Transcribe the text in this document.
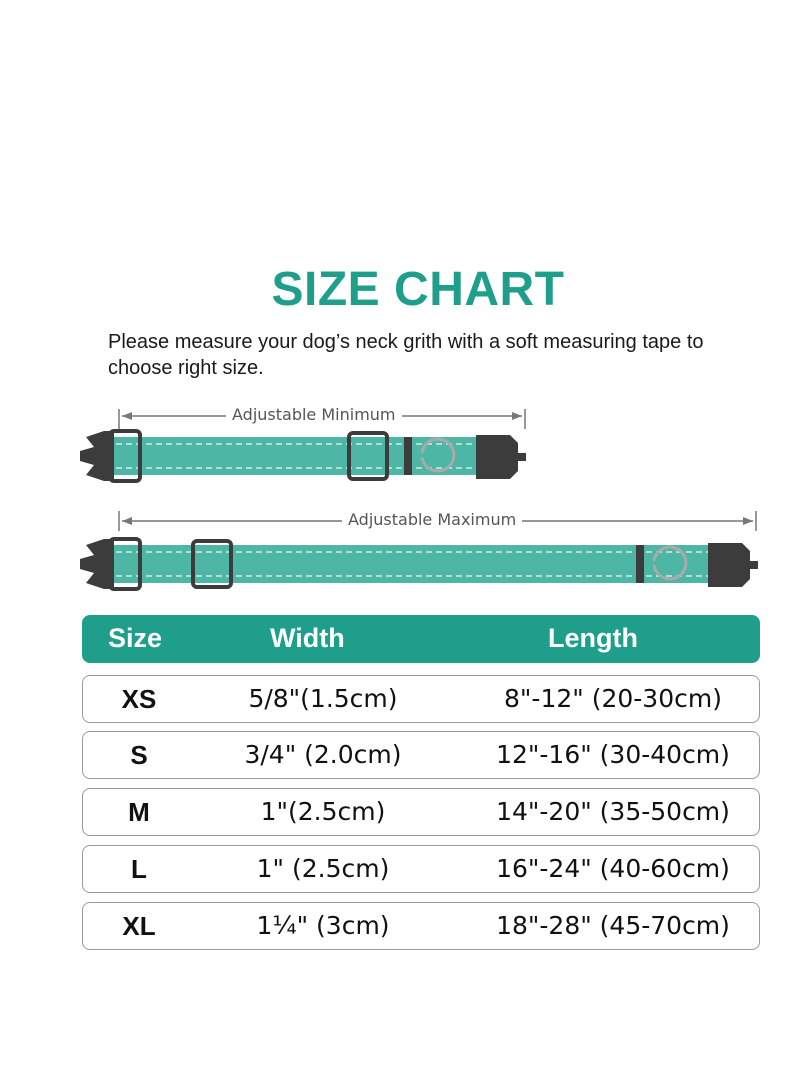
SIZE CHART
Please measure your dog’s neck grith with a soft measuring tape to choose right size.
Adjustable Minimum
Adjustable Maximum
Size	Width	Length
XS	5/8"(1.5cm)	8"-12" (20-30cm)
S	3/4" (2.0cm)	12"-16" (30-40cm)
M	1"(2.5cm)	14"-20" (35-50cm)
L	1" (2.5cm)	16"-24" (40-60cm)
XL	1¼" (3cm)	18"-28" (45-70cm)
